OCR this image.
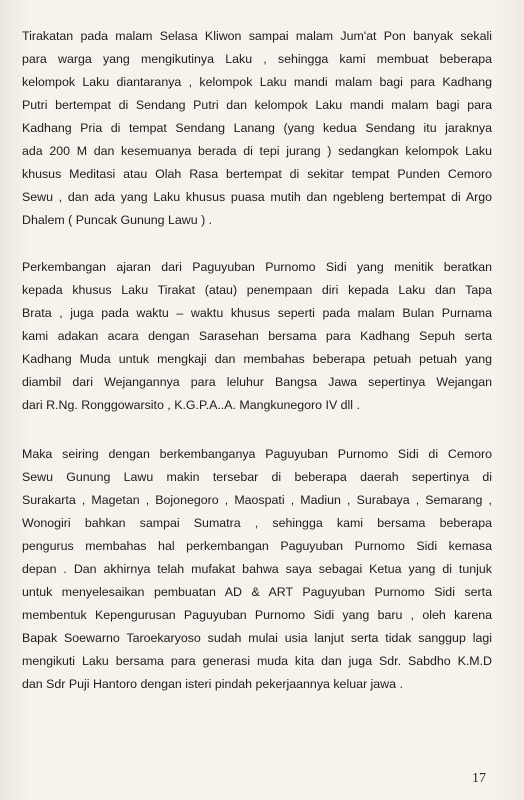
Tirakatan pada malam Selasa Kliwon sampai malam Jum'at Pon banyak sekali
para warga yang mengikutinya Laku , sehingga kami membuat beberapa
kelompok Laku diantaranya , kelompok Laku mandi malam bagi para Kadhang
Putri bertempat di Sendang Putri dan kelompok Laku mandi malam bagi para
Kadhang Pria di tempat Sendang Lanang (yang kedua Sendang itu jaraknya
ada 200 M dan kesemuanya berada di tepi jurang ) sedangkan kelompok Laku
khusus Meditasi atau Olah Rasa bertempat di sekitar tempat Punden Cemoro
Sewu , dan ada yang Laku khusus puasa mutih dan ngebleng bertempat di Argo
Dhalem ( Puncak Gunung Lawu ) .
Perkembangan ajaran dari Paguyuban Purnomo Sidi yang menitik beratkan
kepada khusus Laku Tirakat (atau) penempaan diri kepada Laku dan Tapa
Brata , juga pada waktu – waktu khusus seperti pada malam Bulan Purnama
kami adakan acara dengan Sarasehan bersama para Kadhang Sepuh serta
Kadhang Muda untuk mengkaji dan membahas beberapa petuah petuah yang
diambil dari Wejangannya para leluhur Bangsa Jawa sepertinya Wejangan
dari R.Ng. Ronggowarsito , K.G.P.A..A. Mangkunegoro IV dll .
Maka seiring dengan berkembanganya Paguyuban Purnomo Sidi di Cemoro
Sewu Gunung Lawu makin tersebar di beberapa daerah sepertinya di
Surakarta , Magetan , Bojonegoro , Maospati , Madiun , Surabaya , Semarang ,
Wonogiri bahkan sampai Sumatra , sehingga kami bersama beberapa
pengurus membahas hal perkembangan Paguyuban Purnomo Sidi kemasa
depan . Dan akhirnya telah mufakat bahwa saya sebagai Ketua yang di tunjuk
untuk menyelesaikan pembuatan AD & ART Paguyuban Purnomo Sidi serta
membentuk Kepengurusan Paguyuban Purnomo Sidi yang baru , oleh karena
Bapak Soewarno Taroekaryoso sudah mulai usia lanjut serta tidak sanggup lagi
mengikuti Laku bersama para generasi muda kita dan juga Sdr. Sabdho K.M.D
dan Sdr Puji Hantoro dengan isteri pindah pekerjaannya keluar jawa .
17
